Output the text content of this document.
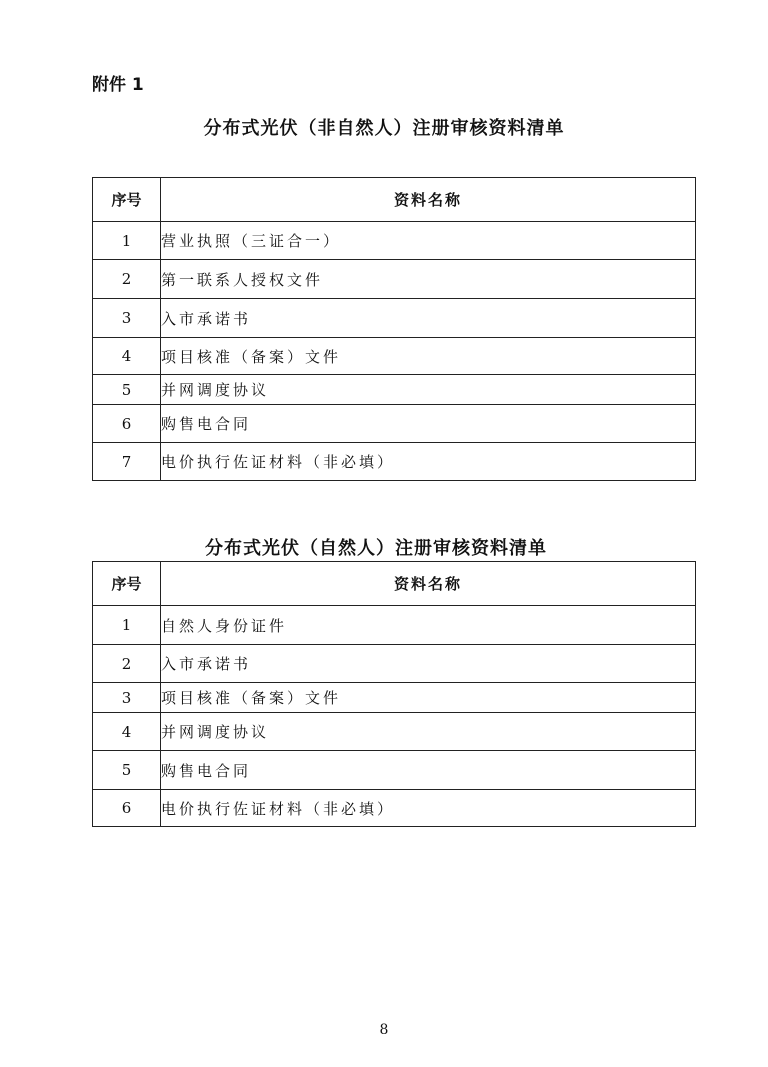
附件 1

分布式光伏（非自然人）注册审核资料清单
序号	资料名称
1	营业执照（三证合一）
2	第一联系人授权文件
3	入市承诺书
4	项目核准（备案）文件
5	并网调度协议
6	购售电合同
7	电价执行佐证材料（非必填）
分布式光伏（自然人）注册审核资料清单
序号	资料名称
1	自然人身份证件
2	入市承诺书
3	项目核准（备案）文件
4	并网调度协议
5	购售电合同
6	电价执行佐证材料（非必填）
8
